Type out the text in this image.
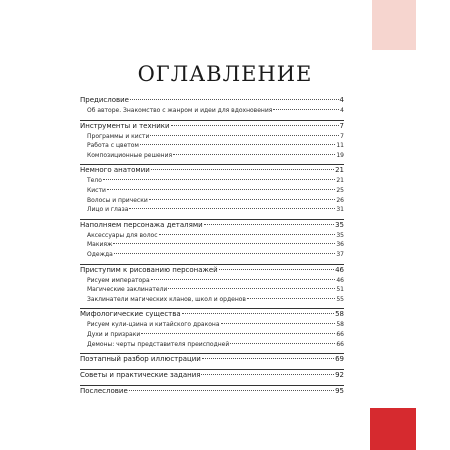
ОГЛАВЛЕНИЕ
Предисловие	4
Об авторе. Знакомство с жанром и идеи для вдохновения	4
Инструменты и техники	7
Программы и кисти	7
Работа с цветом	11
Композиционные решения	19
Немного анатомии	21
Тело	21
Кисти	25
Волосы и прически	26
Лицо и глаза	31
Наполняем персонажа деталями	35
Аксессуары для волос	35
Макияж	36
Одежда	37
Приступим к рисованию персонажей	46
Рисуем императора	46
Магические заклинатели	51
Заклинатели магических кланов, школ и орденов	55
Мифологические существа	58
Рисуем кули-цзина и китайского дракона	58
Духи и призраки	66
Демоны: черты представителя преисподней	66
Поэтапный разбор иллюстрации	69
Советы и практические задания	92
Послесловие	95
